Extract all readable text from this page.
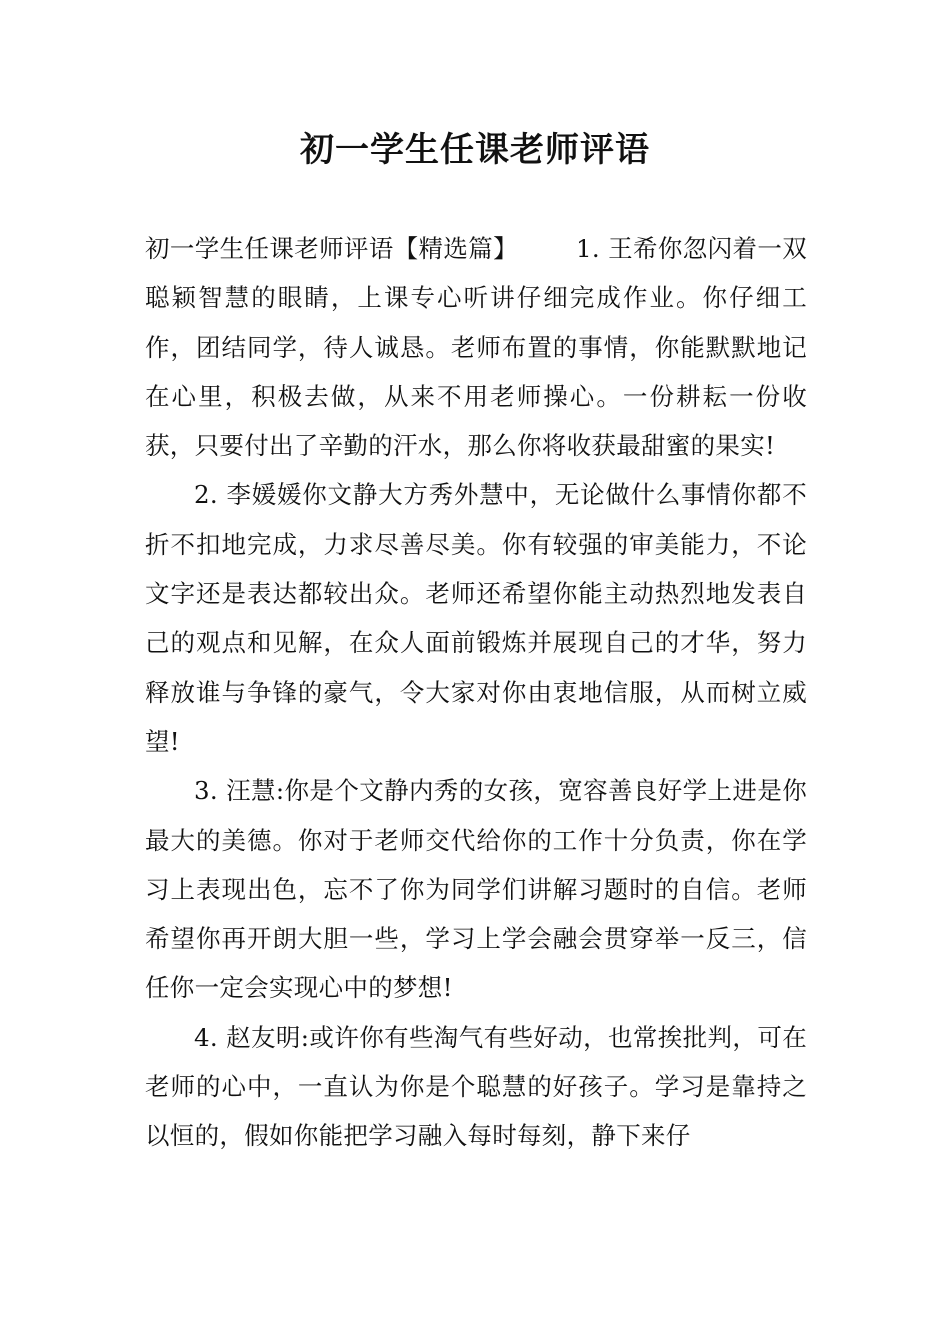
初一学生任课老师评语

初一学生任课老师评语【精选篇】 1. 王希你忽闪着一双聪颖智慧的眼睛，上课专心听讲仔细完成作业。你仔细工作，团结同学，待人诚恳。老师布置的事情，你能默默地记在心里，积极去做，从来不用老师操心。一份耕耘一份收获，只要付出了辛勤的汗水，那么你将收获最甜蜜的果实!

2. 李媛媛你文静大方秀外慧中，无论做什么事情你都不折不扣地完成，力求尽善尽美。你有较强的审美能力，不论文字还是表达都较出众。老师还希望你能主动热烈地发表自己的观点和见解，在众人面前锻炼并展现自己的才华，努力释放谁与争锋的豪气，令大家对你由衷地信服，从而树立威望!

3. 汪慧:你是个文静内秀的女孩，宽容善良好学上进是你最大的美德。你对于老师交代给你的工作十分负责，你在学习上表现出色，忘不了你为同学们讲解习题时的自信。老师希望你再开朗大胆一些，学习上学会融会贯穿举一反三，信任你一定会实现心中的梦想!

4. 赵友明:或许你有些淘气有些好动，也常挨批判，可在老师的心中，一直认为你是个聪慧的好孩子。学习是靠持之以恒的，假如你能把学习融入每时每刻，静下来仔
